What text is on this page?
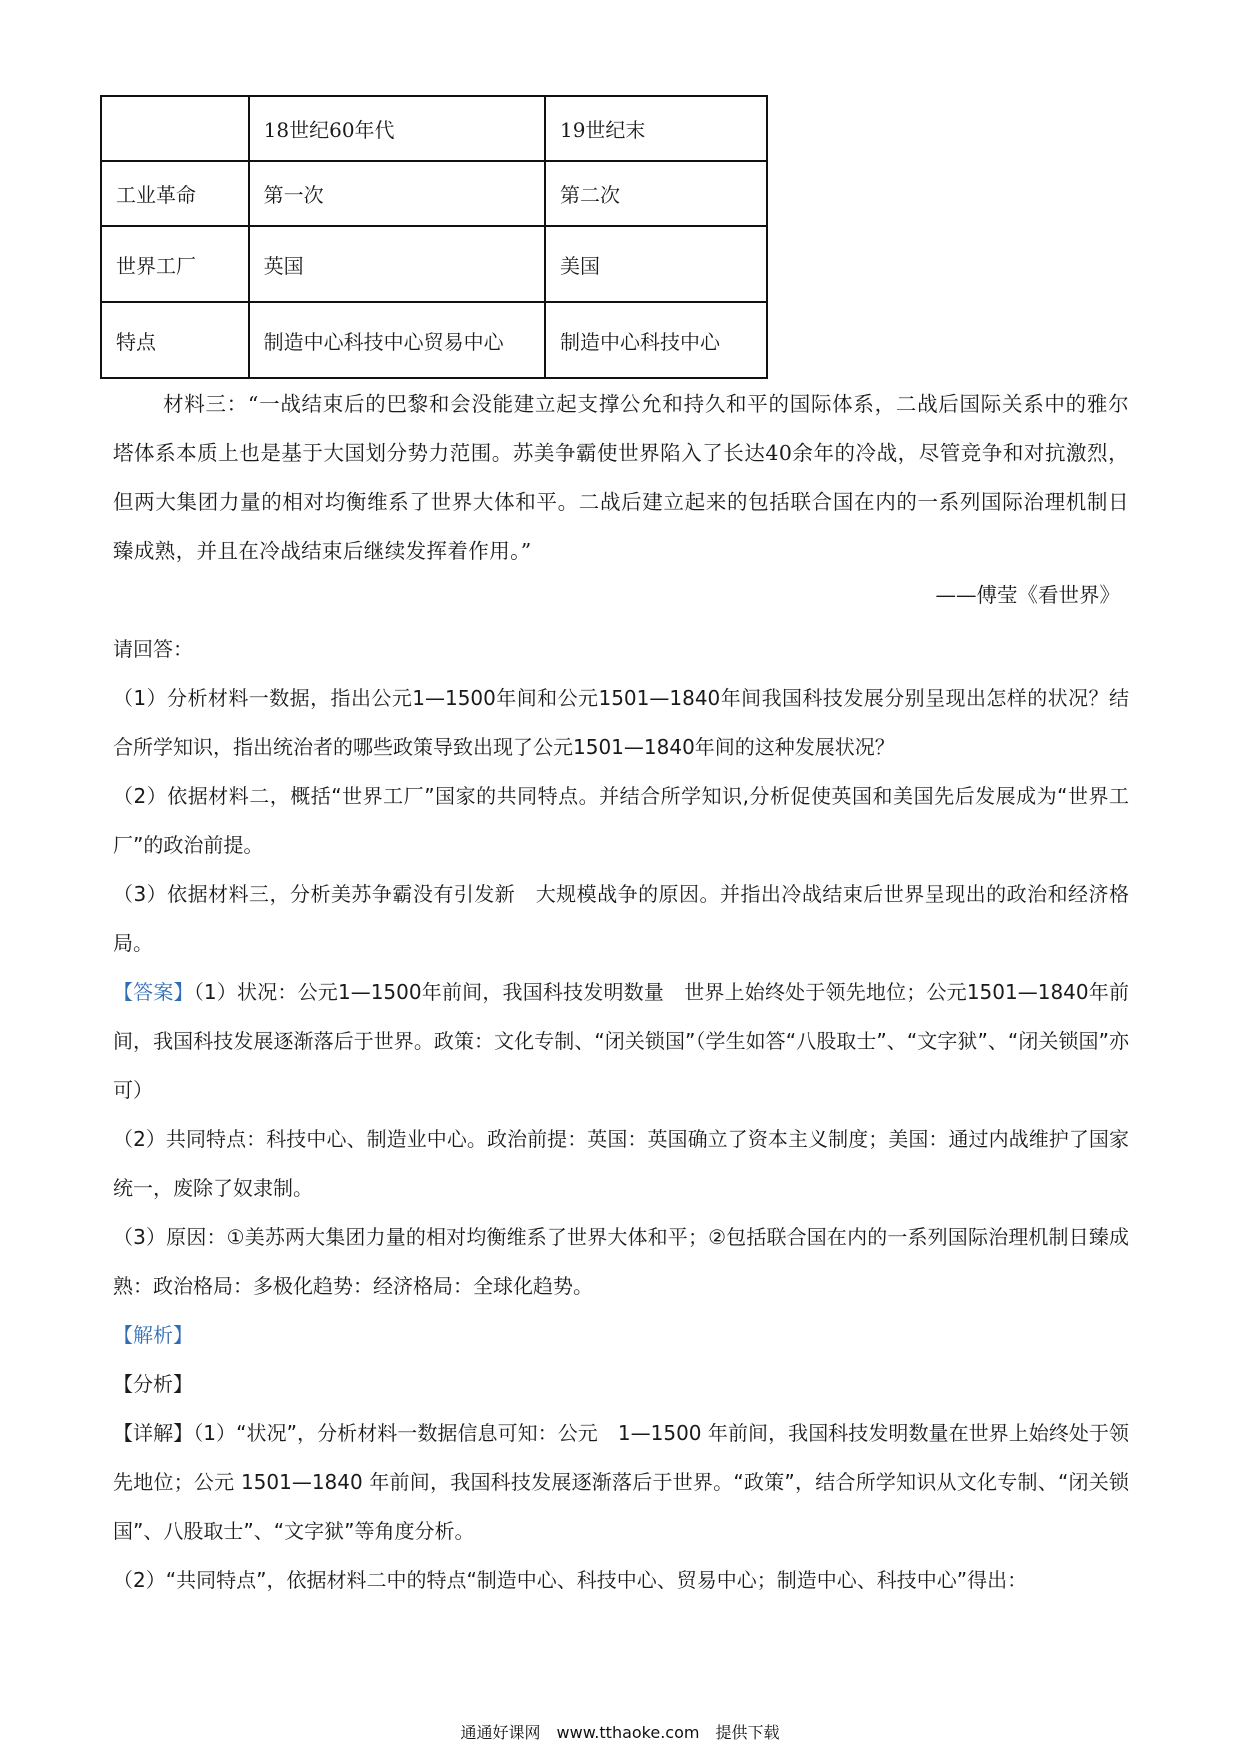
	18世纪60年代	19世纪末
工业革命	第一次	第二次
世界工厂	英国	美国
特点	制造中心科技中心贸易中心	制造中心科技中心

材料三：“一战结束后的巴黎和会没能建立起支撑公允和持久和平的国际体系，二战后国际关系中的雅尔塔体系本质上也是基于大国划分势力范围。苏美争霸使世界陷入了长达40余年的冷战，尽管竞争和对抗激烈，但两大集团力量的相对均衡维系了世界大体和平。二战后建立起来的包括联合国在内的一系列国际治理机制日臻成熟，并且在冷战结束后继续发挥着作用。”

——傅莹《看世界》

请回答：

（1）分析材料一数据，指出公元1—1500年间和公元1501—1840年间我国科技发展分别呈现出怎样的状况？结合所学知识，指出统治者的哪些政策导致出现了公元1501—1840年间的这种发展状况？

（2）依据材料二，概括“世界工厂”国家的共同特点。并结合所学知识,分析促使英国和美国先后发展成为“世界工厂”的政治前提。

（3）依据材料三，分析美苏争霸没有引发新　大规模战争的原因。并指出冷战结束后世界呈现出的政治和经济格局。

【答案】（1）状况：公元1—1500年前间，我国科技发明数量　世界上始终处于领先地位；公元1501—1840年前间，我国科技发展逐渐落后于世界。政策：文化专制、“闭关锁国”（学生如答“八股取士”、“文字狱”、“闭关锁国”亦可）

（2）共同特点：科技中心、制造业中心。政治前提：英国：英国确立了资本主义制度；美国：通过内战维护了国家统一，废除了奴隶制。

（3）原因：①美苏两大集团力量的相对均衡维系了世界大体和平；②包括联合国在内的一系列国际治理机制日臻成熟：政治格局：多极化趋势：经济格局：全球化趋势。

【解析】

【分析】

【详解】（1）“状况”，分析材料一数据信息可知：公元　1—1500 年前间，我国科技发明数量在世界上始终处于领先地位；公元 1501—1840 年前间，我国科技发展逐渐落后于世界。“政策”，结合所学知识从文化专制、“闭关锁国”、八股取士”、“文字狱”等角度分析。

（2）“共同特点”，依据材料二中的特点“制造中心、科技中心、贸易中心；制造中心、科技中心”得出：

通通好课网　www.tthaoke.com　提供下载
